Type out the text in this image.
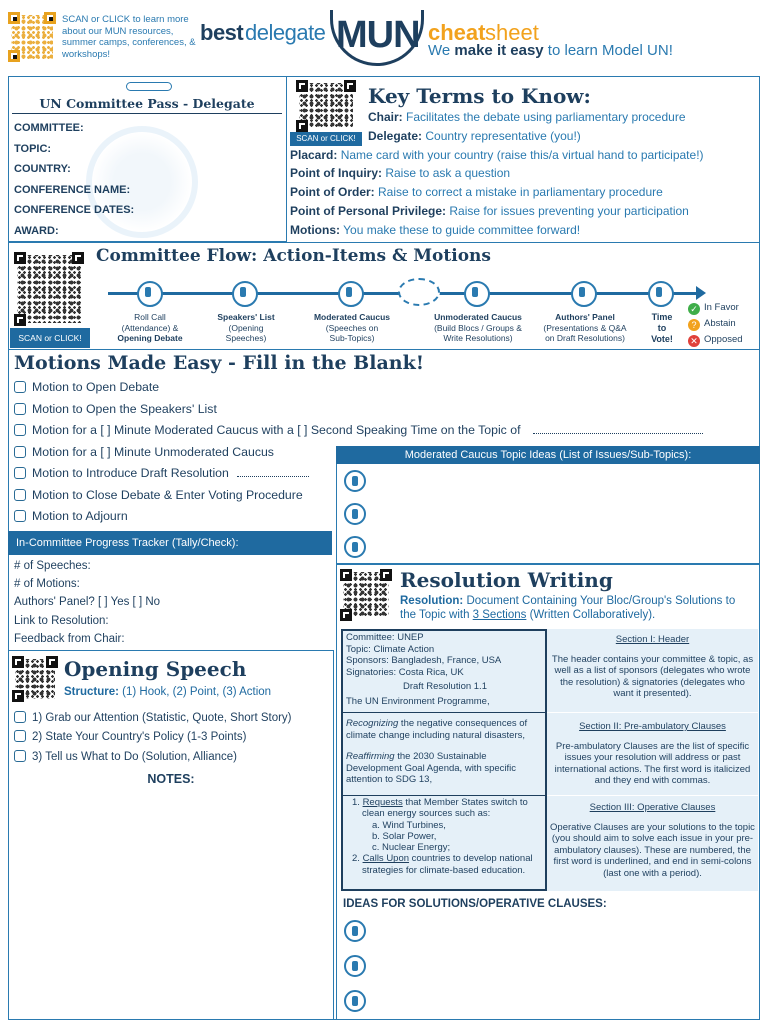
SCAN or CLICK to learn more about our MUN resources, summer camps, conferences, & workshops!
best delegate MUN cheat sheet
We make it easy to learn Model UN!
UN Committee Pass - Delegate
COMMITTEE:
TOPIC:
COUNTRY:
CONFERENCE NAME:
CONFERENCE DATES:
AWARD:
SCAN or CLICK!
Key Terms to Know:
Chair: Facilitates the debate using parliamentary procedure
Delegate: Country representative (you!)
Placard: Name card with your country (raise this/a virtual hand to participate!)
Point of Inquiry: Raise to ask a question
Point of Order: Raise to correct a mistake in parliamentary procedure
Point of Personal Privilege: Raise for issues preventing your participation
Motions: You make these to guide committee forward!
SCAN or CLICK!
Committee Flow: Action-Items & Motions
Roll Call
(Attendance) &
Opening Debate
Speakers' List
(Opening
Speeches)
Moderated Caucus
(Speeches on
Sub-Topics)
Unmoderated Caucus
(Build Blocs / Groups &
Write Resolutions)
Authors' Panel
(Presentations & Q&A
on Draft Resolutions)
Time
to
Vote!
✓ In Favor
? Abstain
✕ Opposed
Motions Made Easy - Fill in the Blank!
Motion to Open Debate
Motion to Open the Speakers' List
Motion for a [ ] Minute Moderated Caucus with a [ ] Second Speaking Time on the Topic of
Motion for a [ ] Minute Unmoderated Caucus
Motion to Introduce Draft Resolution
Motion to Close Debate & Enter Voting Procedure
Motion to Adjourn
Moderated Caucus Topic Ideas (List of Issues/Sub-Topics):
In-Committee Progress Tracker (Tally/Check):
# of Speeches:
# of Motions:
Authors' Panel? [ ] Yes [ ] No
Link to Resolution:
Feedback from Chair:
Opening Speech
Structure: (1) Hook, (2) Point, (3) Action
1) Grab our Attention (Statistic, Quote, Short Story)
2) State Your Country's Policy (1-3 Points)
3) Tell us What to Do (Solution, Alliance)
NOTES:
Resolution Writing
Resolution: Document Containing Your Bloc/Group's Solutions to the Topic with 3 Sections (Written Collaboratively).
Committee: UNEP
Topic: Climate Action
Sponsors: Bangladesh, France, USA
Signatories: Costa Rica, UK
Draft Resolution 1.1
The UN Environment Programme,
Recognizing the negative consequences of climate change including natural disasters,
Reaffirming the 2030 Sustainable Development Goal Agenda, with specific attention to SDG 13,
1. Requests that Member States switch to clean energy sources such as:
a. Wind Turbines,
b. Solar Power,
c. Nuclear Energy;
2. Calls Upon countries to develop national strategies for climate-based education.
Section I: Header
The header contains your committee & topic, as well as a list of sponsors (delegates who wrote the resolution) & signatories (delegates who want it presented).
Section II: Pre-ambulatory Clauses
Pre-ambulatory Clauses are the list of specific issues your resolution will address or past international actions. The first word is italicized and they end with commas.
Section III: Operative Clauses
Operative Clauses are your solutions to the topic (you should aim to solve each issue in your pre-ambulatory clauses). These are numbered, the first word is underlined, and end in semi-colons (last one with a period).
IDEAS FOR SOLUTIONS/OPERATIVE CLAUSES:
